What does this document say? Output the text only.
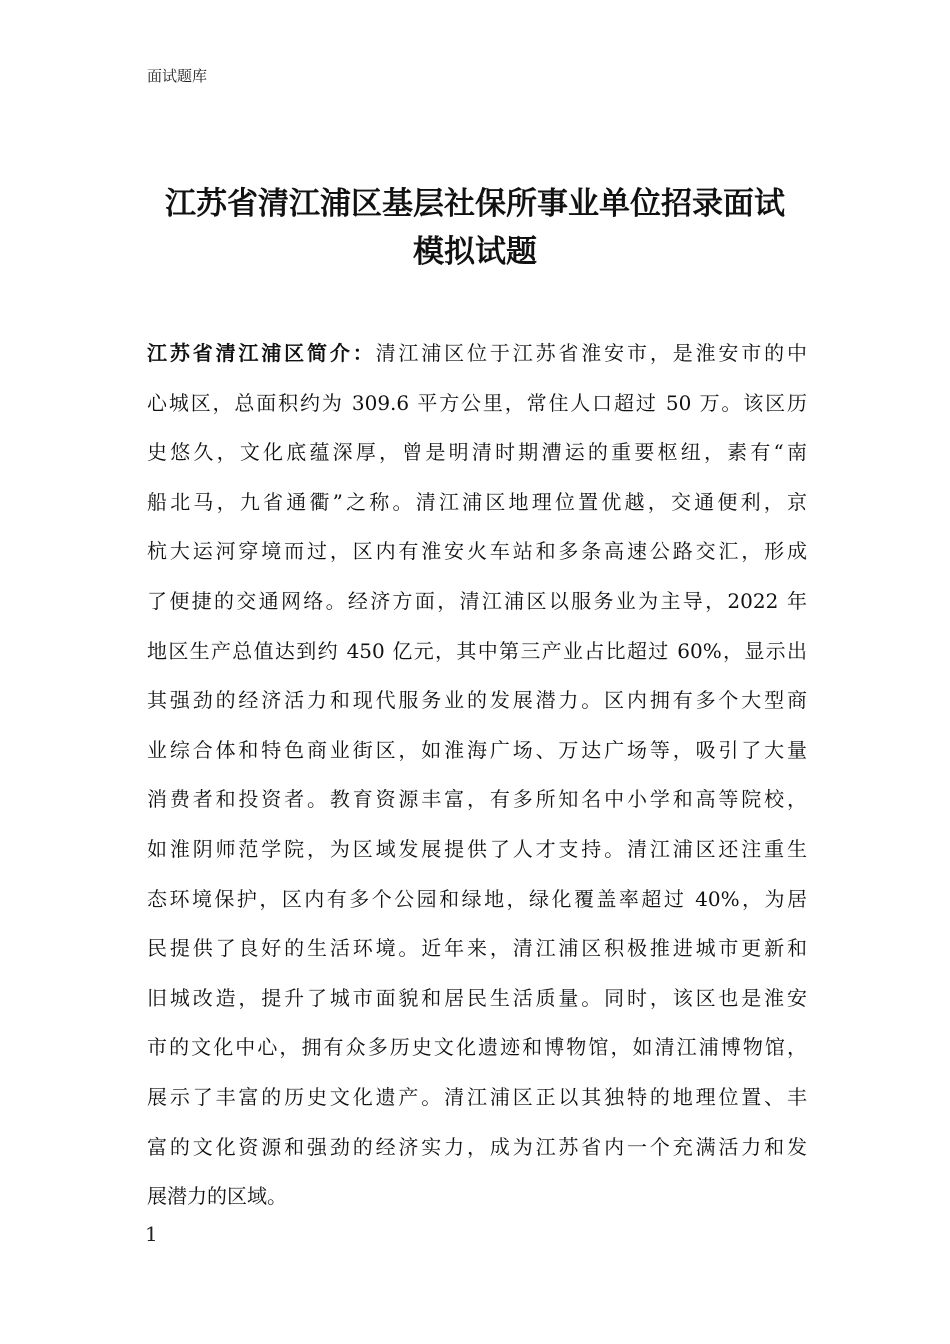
面试题库
江苏省清江浦区基层社保所事业单位招录面试
模拟试题
江苏省清江浦区简介：清江浦区位于江苏省淮安市，是淮安市的中
心城区，总面积约为 309.6 平方公里，常住人口超过 50 万。该区历
史悠久，文化底蕴深厚，曾是明清时期漕运的重要枢纽，素有“南
船北马，九省通衢”之称。清江浦区地理位置优越，交通便利，京
杭大运河穿境而过，区内有淮安火车站和多条高速公路交汇，形成
了便捷的交通网络。经济方面，清江浦区以服务业为主导，2022 年
地区生产总值达到约 450 亿元，其中第三产业占比超过 60%，显示出
其强劲的经济活力和现代服务业的发展潜力。区内拥有多个大型商
业综合体和特色商业街区，如淮海广场、万达广场等，吸引了大量
消费者和投资者。教育资源丰富，有多所知名中小学和高等院校，
如淮阴师范学院，为区域发展提供了人才支持。清江浦区还注重生
态环境保护，区内有多个公园和绿地，绿化覆盖率超过 40%，为居
民提供了良好的生活环境。近年来，清江浦区积极推进城市更新和
旧城改造，提升了城市面貌和居民生活质量。同时，该区也是淮安
市的文化中心，拥有众多历史文化遗迹和博物馆，如清江浦博物馆，
展示了丰富的历史文化遗产。清江浦区正以其独特的地理位置、丰
富的文化资源和强劲的经济实力，成为江苏省内一个充满活力和发
展潜力的区域。
1
